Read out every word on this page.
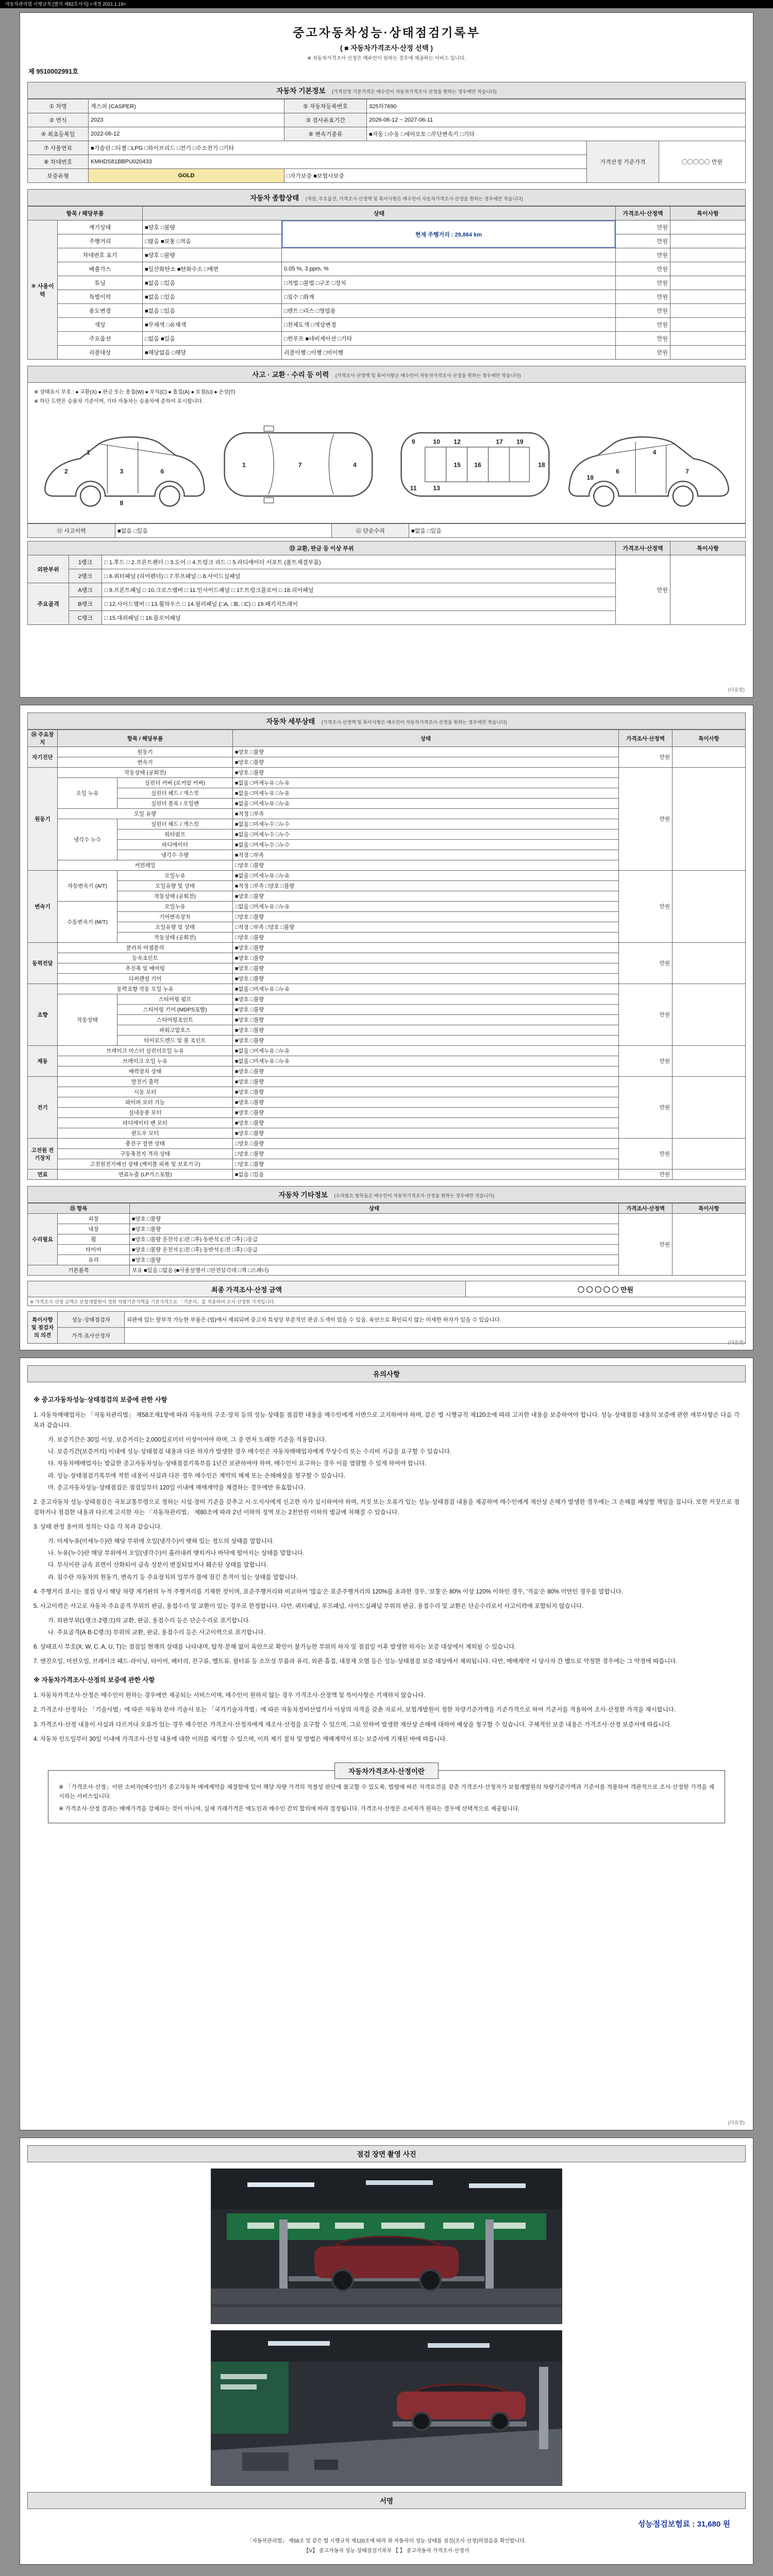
자동차관리법 시행규칙 [별지 제82호서식] <개정 2021.1.19>
중고자동차성능·상태점검기록부
( ■ 자동차가격조사·산정 선택 )
※ 자동차가격조사·산정은 매수인이 원하는 경우에 제공하는 서비스 입니다.
제 9510002991호
자동차 기본정보 (가격산정 기준가격은 매수인이 자동차가격조사·산정을 원하는 경우에만 적습니다)
① 차명	캐스퍼 (CASPER)	⑤ 자동차등록번호	325하7690		
② 연식	2023	③ 검사유효기간	2026-06-12 ~ 2027-06-11		
④ 최초등록일	2022-06-12	⑥ 변속기종류	■자동 □수동 □세미오토 □무단변속기 □기타		
⑦ 사용연료	■가솔린 □디젤 □LPG □하이브리드 □전기 □수소전기 □기타			가격산정 기준가격	〇〇〇〇〇 만원
⑧ 차대번호	KMHDS81BBPU020433				
보증유형	GOLD	□자가보증 ■보험사보증			
자동차 종합상태 (색상, 주요옵션, 가격조사·산정액 및 특이사항은 매수인이 자동차가격조사·산정을 원하는 경우에만 적습니다)
항목 / 해당부품		상태		가격조사·산정액	특이사항
⑨ 사용이력	계기상태	■양호 □불량	현재 주행거리 : 29,864 km	만원	
	주행거리	□많음 ■보통 □적음		만원	
	차대번호 표기	■양호 □불량		만원	
	배출가스	■일산화탄소 ■탄화수소 □매연	0.05 %, 3 ppm, %	만원	
	튜닝	■없음 □있음	□적법 □불법 □구조 □장치	만원	
	특별이력	■없음 □있음	□침수 □화재	만원	
	용도변경	■없음 □있음	□렌트 □리스 □영업용	만원	
	색상	■무채색 □유채색	□전체도색 □색상변경	만원	
	주요옵션	□없음 ■있음	□썬루프 ■네비게이션 □기타	만원	
	리콜대상	■해당없음 □해당	리콜이행 □이행 □미이행	만원	
사고 · 교환 · 수리 등 이력 (가격조사·산정액 및 특이사항은 매수인이 자동차가격조사·산정을 원하는 경우에만 적습니다)
※ 상태표시 부호 : ● 교환(X) ● 판금 또는 용접(W) ● 부식(C) ● 흠집(A) ● 요철(U) ● 손상(T)
※ 하단 도면은 승용차 기준이며, 기타 자동차는 승용차에 준하여 표시합니다.
2
1
3	6
8
1	7	4
9	10 12
11	13
15 16
17 19
18
6
4
18
7
⑪ 사고이력	■없음 □있음	⑫ 단순수리	■없음 □있음
⑬ 교환, 판금 등 이상 부위			가격조사·산정액	특이사항
외판부위	1랭크	□ 1.후드 □ 2.프론트펜더 □ 3.도어 □ 4.트렁크 리드 □ 5.라디에이터 서포트 (볼트체결부품)	만원	
	2랭크	□ 6.쿼터패널 (리어펜더) □ 7.루프패널 □ 8.사이드실패널		
주요골격	A랭크	□ 9.프론트패널 □ 10.크로스멤버 □ 11.인사이드패널 □ 17.트렁크플로어 □ 18.리어패널		
	B랭크	□ 12.사이드멤버 □ 13.휠하우스 □ 14.필러패널 (□A, □B, □C) □ 19.패키지트레이		
	C랭크	□ 15.대쉬패널 □ 16.플로어패널		
(다음장)
자동차 세부상태 (가격조사·산정액 및 특이사항은 매수인이 자동차가격조사·산정을 원하는 경우에만 적습니다)
⑭ 주요장치	항목 / 해당부품		상태	가격조사·산정액	특이사항
자기진단	원동기		■양호 □불량	만원	
	변속기		■양호 □불량		
원동기	작동상태 (공회전)		■양호 □불량	만원	
	오일 누유	실린더 커버 (로커암 커버)	■없음 □미세누유 □누유		
		실린더 헤드 / 개스킷	■없음 □미세누유 □누유		
		실린더 블록 / 오일팬	■없음 □미세누유 □누유		
	오일 유량		■적정 □부족		
	냉각수 누수	실린더 헤드 / 개스킷	■없음 □미세누수 □누수		
		워터펌프	■없음 □미세누수 □누수		
		라디에이터	■없음 □미세누수 □누수		
		냉각수 수량	■적정 □부족		
	커먼레일		□양호 □불량		
변속기	자동변속기 (A/T)	오일누유	■없음 □미세누유 □누유	만원	
		오일유량 및 상태	■적정 □부족 □양호 □불량		
		작동상태 (공회전)	■양호 □불량		
	수동변속기 (M/T)	오일누유	□없음 □미세누유 □누유		
		기어변속장치	□양호 □불량		
		오일유량 및 상태	□적정 □부족 □양호 □불량		
		작동상태 (공회전)	□양호 □불량		
동력전달	클러치 어셈블리		■양호 □불량	만원	
	등속조인트		■양호 □불량		
	추진축 및 베어링		■양호 □불량		
	디퍼렌셜 기어		■양호 □불량		
조향	동력조향 작동 오일 누유		■없음 □미세누유 □누유	만원	
	작동상태	스티어링 펌프	■양호 □불량		
		스티어링 기어 (MDPS포함)	■양호 □불량		
		스티어링조인트	■양호 □불량		
		파워고압호스	■양호 □불량		
		타이로드엔드 및 볼 조인트	■양호 □불량		
제동	브레이크 마스터 실린더오일 누유		■없음 □미세누유 □누유	만원	
	브레이크 오일 누유		■없음 □미세누유 □누유		
	배력장치 상태		■양호 □불량		
전기	발전기 출력		■양호 □불량	만원	
	시동 모터		■양호 □불량		
	와이퍼 모터 기능		■양호 □불량		
	실내송풍 모터		■양호 □불량		
	라디에이터 팬 모터		■양호 □불량		
	윈도우 모터		■양호 □불량		
고전원 전기장치	충전구 절연 상태		□양호 □불량	만원	
	구동축전지 격리 상태		□양호 □불량		
	고전원전기배선 상태 (케이블 피복 및 보호기구)		□양호 □불량		
연료	연료누출 (LP가스포함)		■없음 □있음	만원	
자동차 기타정보 (수리필요 항목들은 매수인이 자동차가격조사·산정을 원하는 경우에만 적습니다)
⑮ 항목		상태	가격조사·산정액	특이사항
수리필요	외장	■양호 □불량	만원	
	내장	■양호 □불량		
	휠	■양호 □불량 운전석 (□전 □후) 동반석 (□전 □후) □응급		
	타이어	■양호 □불량 운전석 (□전 □후) 동반석 (□전 □후) □응급		
	유리	■양호 □불량		
기본품목		보유 ■있음 □없음 (■사용설명서 □안전삼각대 □잭 □스패너)		
최종 가격조사·산정 금액	〇 〇 〇 〇 〇 만원
※ 가격조사·산정 금액은 보험개발원이 정한 차량기준가액을 기준가격으로 「기준서」를 적용하여 조사·산정한 가격입니다.
특이사항 및 점검자의 의견	성능·상태점검자	외판에 있는 탈부착 가능한 부품은 (법)에서 제외되며 중고차 특성상 부분적인 판금·도색이 있을 수 있음. 육안으로 확인되지 않는 미세한 하자가 있을 수 있습니다.
	가격·조사산정자	
(다음장)
유의사항
※ 중고자동차성능·상태점검의 보증에 관한 사항
1. 자동차매매업자는 「자동차관리법」 제58조제1항에 따라 자동차의 구조·장치 등의 성능·상태를 점검한 내용을 매수인에게 서면으로 고지하여야 하며, 같은 법 시행규칙 제120조에 따라 고지한 내용을 보증하여야 합니다. 성능·상태점검 내용의 보증에 관한 세부사항은 다음 각 목과 같습니다.
가. 보증기간은 30일 이상, 보증거리는 2,000킬로미터 이상이어야 하며, 그 중 먼저 도래한 기준을 적용합니다.
나. 보증기간(보증거리) 이내에 성능·상태점검 내용과 다른 하자가 발생한 경우 매수인은 자동차매매업자에게 무상수리 또는 수리비 지급을 요구할 수 있습니다.
다. 자동차매매업자는 발급한 중고자동차성능·상태점검기록부를 1년간 보관하여야 하며, 매수인이 요구하는 경우 이를 열람할 수 있게 하여야 합니다.
라. 성능·상태점검기록부에 적힌 내용이 사실과 다른 경우 매수인은 계약의 해제 또는 손해배상을 청구할 수 있습니다.
마. 중고자동차성능·상태점검은 점검일부터 120일 이내에 매매계약을 체결하는 경우에만 유효합니다.
2. 중고자동차 성능·상태점검은 국토교통부령으로 정하는 시설·장비 기준을 갖추고 시·도지사에게 신고한 자가 실시하여야 하며, 거짓 또는 오류가 있는 성능·상태점검 내용을 제공하여 매수인에게 재산상 손해가 발생한 경우에는 그 손해를 배상할 책임을 집니다. 또한 거짓으로 점검하거나 점검한 내용과 다르게 고지한 자는 「자동차관리법」 제80조에 따라 2년 이하의 징역 또는 2천만원 이하의 벌금에 처해질 수 있습니다.
3. 상태 판정 용어의 정의는 다음 각 목과 같습니다.
가. 미세누유(미세누수)란 해당 부위에 오일(냉각수)이 맺혀 있는 정도의 상태를 말합니다.
나. 누유(누수)란 해당 부위에서 오일(냉각수)이 흘러내려 맺히거나 바닥에 떨어지는 상태를 말합니다.
다. 부식이란 금속 표면이 산화되어 금속 성분이 변질되었거나 훼손된 상태를 말합니다.
라. 침수란 자동차의 원동기, 변속기 등 주요장치의 일부가 물에 잠긴 흔적이 있는 상태를 말합니다.
4. 주행거리 표시는 점검 당시 해당 차량 계기판의 누적 주행거리를 기재한 것이며, 표준주행거리와 비교하여 '많음'은 표준주행거리의 120%를 초과한 경우, '보통'은 80% 이상 120% 이하인 경우, '적음'은 80% 미만인 경우를 말합니다.
5. 사고이력은 사고로 자동차 주요골격 부위의 판금, 용접수리 및 교환이 있는 경우로 한정합니다. 다만, 쿼터패널, 루프패널, 사이드실패널 부위의 판금, 용접수리 및 교환은 단순수리로서 사고이력에 포함되지 않습니다.
가. 외판부위(1랭크·2랭크)의 교환, 판금, 용접수리 등은 단순수리로 표기합니다.
나. 주요골격(A·B·C랭크) 부위의 교환, 판금, 용접수리 등은 사고이력으로 표기합니다.
6. 상태표시 부호(X, W, C, A, U, T)는 점검일 현재의 상태를 나타내며, 탈착·분해 없이 육안으로 확인이 불가능한 부위의 하자 및 점검일 이후 발생한 하자는 보증 대상에서 제외될 수 있습니다.
7. 엔진오일, 미션오일, 브레이크 패드·라이닝, 타이어, 배터리, 전구류, 벨트류, 필터류 등 소모성 부품과 유리, 외관 흠집, 내장재 오염 등은 성능·상태점검 보증 대상에서 제외됩니다. 다만, 매매계약 시 당사자 간 별도로 약정한 경우에는 그 약정에 따릅니다.
※ 자동차가격조사·산정의 보증에 관한 사항
1. 자동차가격조사·산정은 매수인이 원하는 경우에만 제공되는 서비스이며, 매수인이 원하지 않는 경우 가격조사·산정액 및 특이사항은 기재하지 않습니다.
2. 가격조사·산정자는 「기술사법」에 따른 자동차 분야 기술사 또는 「국가기술자격법」에 따른 자동차정비산업기사 이상의 자격을 갖춘 자로서, 보험개발원이 정한 차량기준가액을 기준가격으로 하여 기준서를 적용하여 조사·산정한 가격을 제시합니다.
3. 가격조사·산정 내용이 사실과 다르거나 오류가 있는 경우 매수인은 가격조사·산정자에게 재조사·산정을 요구할 수 있으며, 그로 인하여 발생한 재산상 손해에 대하여 배상을 청구할 수 있습니다. 구체적인 보증 내용은 가격조사·산정 보증서에 따릅니다.
4. 자동차 인도일부터 30일 이내에 가격조사·산정 내용에 대한 이의를 제기할 수 있으며, 이의 제기 절차 및 방법은 매매계약서 또는 보증서에 기재된 바에 따릅니다.
자동차가격조사·산정이란
※ 「가격조사·산정」이란 소비자(매수인)가 중고자동차 매매계약을 체결함에 있어 해당 차량 가격의 적절성 판단에 참고할 수 있도록, 법령에 따른 자격요건을 갖춘 가격조사·산정자가 보험개발원의 차량기준가액과 기준서를 적용하여 객관적으로 조사·산정한 가격을 제시하는 서비스입니다.
※ 가격조사·산정 결과는 매매가격을 강제하는 것이 아니며, 실제 거래가격은 매도인과 매수인 간의 합의에 따라 결정됩니다. 가격조사·산정은 소비자가 원하는 경우에 선택적으로 제공됩니다.
(다음장)
점검 장면 촬영 사진
서명
성능점검보험료 : 31,680 원
「자동차관리법」 제58조 및 같은 법 시행규칙 제120조에 따라 위 자동차의 성능·상태를 점검(조사·산정)하였음을 확인합니다.
【V】 중고자동차 성능·상태점검기록부 【 】 중고자동차 가격조사·산정서
